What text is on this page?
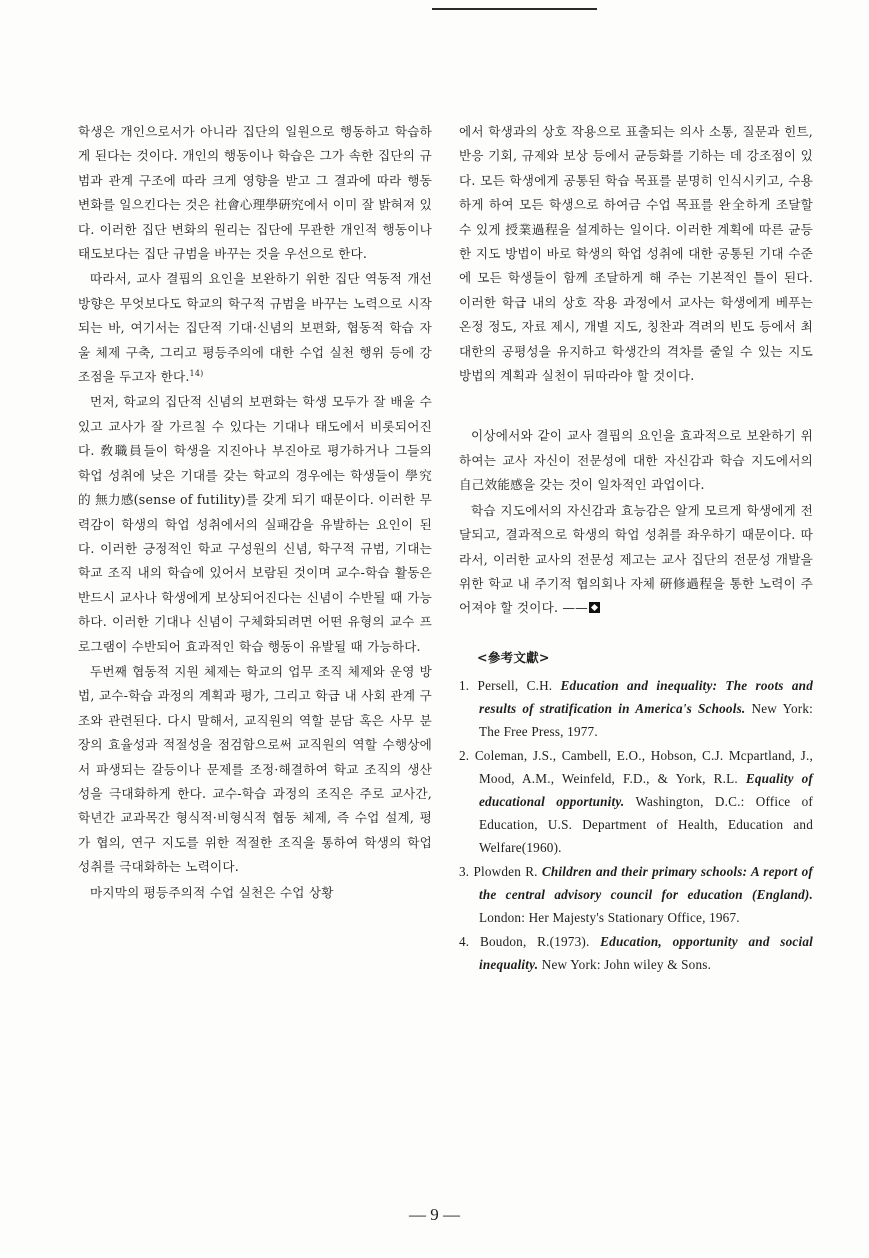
학생은 개인으로서가 아니라 집단의 일원으로 행동하고 학습하게 된다는 것이다. 개인의 행동이나 학습은 그가 속한 집단의 규범과 관계 구조에 따라 크게 영향을 받고 그 결과에 따라 행동 변화를 일으킨다는 것은 社會心理學硏究에서 이미 잘 밝혀져 있다. 이러한 집단 변화의 원리는 집단에 무관한 개인적 행동이나 태도보다는 집단 규범을 바꾸는 것을 우선으로 한다.

따라서, 교사 결핍의 요인을 보완하기 위한 집단 역동적 개선 방향은 무엇보다도 학교의 학구적 규범을 바꾸는 노력으로 시작되는 바, 여기서는 집단적 기대·신념의 보편화, 협동적 학습 자울 체제 구축, 그리고 평등주의에 대한 수업 실천 행위 등에 강조점을 두고자 한다.$^{14)}$

먼저, 학교의 집단적 신념의 보편화는 학생 모두가 잘 배울 수 있고 교사가 잘 가르칠 수 있다는 기대나 태도에서 비롯되어진다. 敎職員들이 학생을 지진아나 부진아로 평가하거나 그들의 학업 성취에 낮은 기대를 갖는 학교의 경우에는 학생들이 學究的 無力感(sense of futility)를 갖게 되기 때문이다. 이러한 무력감이 학생의 학업 성취에서의 실패감을 유발하는 요인이 된다. 이러한 긍정적인 학교 구성원의 신념, 학구적 규범, 기대는 학교 조직 내의 학습에 있어서 보람된 것이며 교수-학습 활동은 반드시 교사나 학생에게 보상되어진다는 신념이 수반될 때 가능하다. 이러한 기대나 신념이 구체화되려면 어떤 유형의 교수 프로그램이 수반되어 효과적인 학습 행동이 유발될 때 가능하다.

두번째 협동적 지원 체제는 학교의 업무 조직 체제와 운영 방법, 교수-학습 과정의 계획과 평가, 그리고 학급 내 사회 관계 구조와 관련된다. 다시 말해서, 교직원의 역할 분담 혹은 사무 분장의 효율성과 적절성을 점검함으로써 교직원의 역할 수행상에서 파생되는 갈등이나 문제를 조정·해결하여 학교 조직의 생산성을 극대화하게 한다. 교수-학습 과정의 조직은 주로 교사간, 학년간 교과목간 형식적·비형식적 협동 체제, 즉 수업 설계, 평가 협의, 연구 지도를 위한 적절한 조직을 통하여 학생의 학업 성취를 극대화하는 노력이다.

마지막의 평등주의적 수업 실천은 수업 상황

에서 학생과의 상호 작용으로 표출되는 의사 소통, 질문과 힌트, 반응 기회, 규제와 보상 등에서 균등화를 기하는 데 강조점이 있다. 모든 학생에게 공통된 학습 목표를 분명히 인식시키고, 수용하게 하여 모든 학생으로 하여금 수업 목표를 완全하게 조달할 수 있게 授業過程을 설계하는 일이다. 이러한 계획에 따른 균등한 지도 방법이 바로 학생의 학업 성취에 대한 공통된 기대 수준에 모든 학생들이 함께 조달하게 해 주는 기본적인 틀이 된다. 이러한 학급 내의 상호 작용 과정에서 교사는 학생에게 베푸는 온정 정도, 자료 제시, 개별 지도, 칭찬과 격려의 빈도 등에서 최대한의 공평성을 유지하고 학생간의 격차를 줄일 수 있는 지도 방법의 계획과 실천이 뒤따라야 할 것이다.

이상에서와 같이 교사 결핍의 요인을 효과적으로 보완하기 위하여는 교사 자신이 전문성에 대한 자신감과 학습 지도에서의 自己效能感을 갖는 것이 일차적인 과업이다.

학습 지도에서의 자신감과 효능감은 알게 모르게 학생에게 전달되고, 결과적으로 학생의 학업 성취를 좌우하기 때문이다. 따라서, 이러한 교사의 전문성 제고는 교사 집단의 전문성 개발을 위한 학교 내 주기적 협의회나 자체 硏修過程을 통한 노력이 주어져야 할 것이다. ——

<參考文獻>
1. Persell, C.H. Education and inequality: The roots and results of stratification in America's Schools. New York: The Free Press, 1977.
2. Coleman, J.S., Cambell, E.O., Hobson, C.J. Mcpartland, J., Mood, A.M., Weinfeld, F.D., & York, R.L. Equality of educational opportunity. Washington, D.C.: Office of Education, U.S. Department of Health, Education and Welfare(1960).
3. Plowden R. Children and their primary schools: A report of the central advisory council for education (England). London: Her Majesty's Stationary Office, 1967.
4. Boudon, R.(1973). Education, opportunity and social inequality. New York: John wiley & Sons.
— 9 —
